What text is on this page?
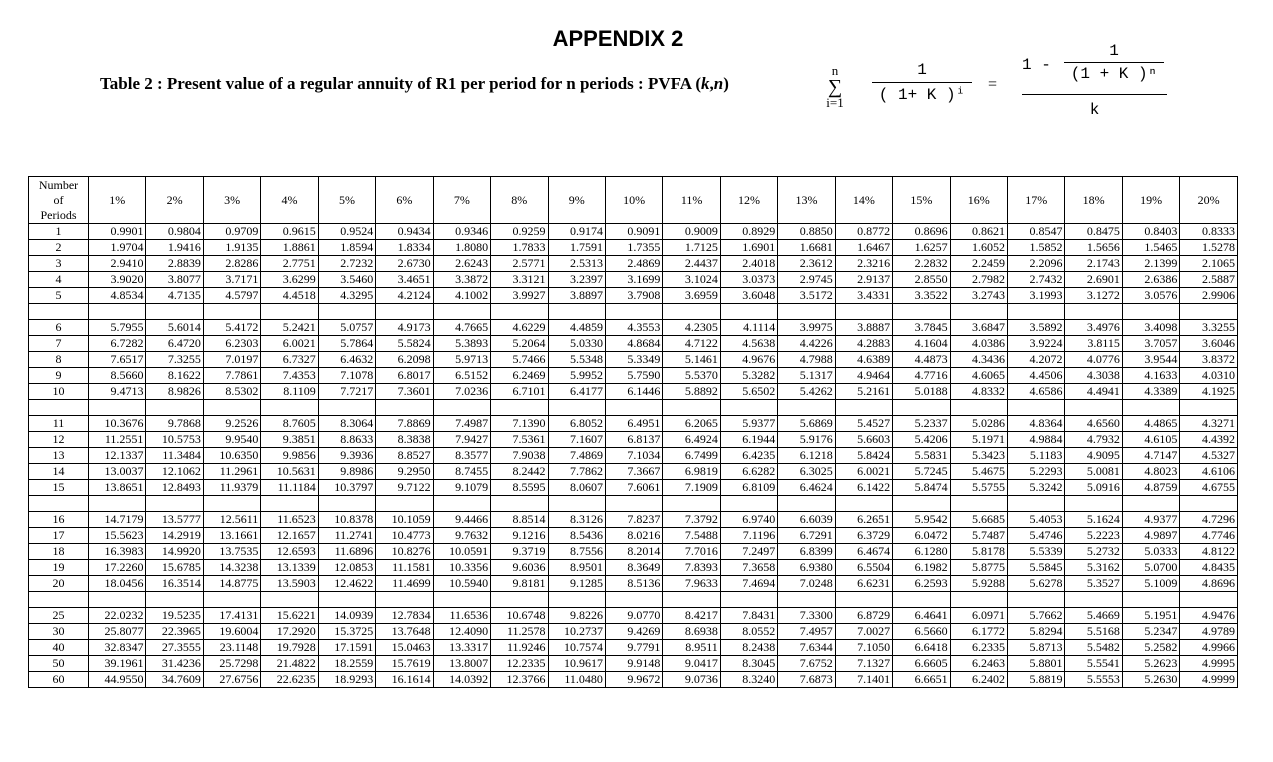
APPENDIX 2
Table 2 : Present value of a regular annuity of R1 per period for n periods : PVFA (k,n)
n
∑
i=1
1
( 1+ K )ⁱ
=
1 -
1
(1 + K )ⁿ
k
Number
of
Periods	1%	2%	3%	4%	5%	6%	7%	8%	9%	10%	11%	12%	13%	14%	15%	16%	17%	18%	19%	20%
1	0.9901	0.9804	0.9709	0.9615	0.9524	0.9434	0.9346	0.9259	0.9174	0.9091	0.9009	0.8929	0.8850	0.8772	0.8696	0.8621	0.8547	0.8475	0.8403	0.8333
2	1.9704	1.9416	1.9135	1.8861	1.8594	1.8334	1.8080	1.7833	1.7591	1.7355	1.7125	1.6901	1.6681	1.6467	1.6257	1.6052	1.5852	1.5656	1.5465	1.5278
3	2.9410	2.8839	2.8286	2.7751	2.7232	2.6730	2.6243	2.5771	2.5313	2.4869	2.4437	2.4018	2.3612	2.3216	2.2832	2.2459	2.2096	2.1743	2.1399	2.1065
4	3.9020	3.8077	3.7171	3.6299	3.5460	3.4651	3.3872	3.3121	3.2397	3.1699	3.1024	3.0373	2.9745	2.9137	2.8550	2.7982	2.7432	2.6901	2.6386	2.5887
5	4.8534	4.7135	4.5797	4.4518	4.3295	4.2124	4.1002	3.9927	3.8897	3.7908	3.6959	3.6048	3.5172	3.4331	3.3522	3.2743	3.1993	3.1272	3.0576	2.9906

6	5.7955	5.6014	5.4172	5.2421	5.0757	4.9173	4.7665	4.6229	4.4859	4.3553	4.2305	4.1114	3.9975	3.8887	3.7845	3.6847	3.5892	3.4976	3.4098	3.3255
7	6.7282	6.4720	6.2303	6.0021	5.7864	5.5824	5.3893	5.2064	5.0330	4.8684	4.7122	4.5638	4.4226	4.2883	4.1604	4.0386	3.9224	3.8115	3.7057	3.6046
8	7.6517	7.3255	7.0197	6.7327	6.4632	6.2098	5.9713	5.7466	5.5348	5.3349	5.1461	4.9676	4.7988	4.6389	4.4873	4.3436	4.2072	4.0776	3.9544	3.8372
9	8.5660	8.1622	7.7861	7.4353	7.1078	6.8017	6.5152	6.2469	5.9952	5.7590	5.5370	5.3282	5.1317	4.9464	4.7716	4.6065	4.4506	4.3038	4.1633	4.0310
10	9.4713	8.9826	8.5302	8.1109	7.7217	7.3601	7.0236	6.7101	6.4177	6.1446	5.8892	5.6502	5.4262	5.2161	5.0188	4.8332	4.6586	4.4941	4.3389	4.1925

11	10.3676	9.7868	9.2526	8.7605	8.3064	7.8869	7.4987	7.1390	6.8052	6.4951	6.2065	5.9377	5.6869	5.4527	5.2337	5.0286	4.8364	4.6560	4.4865	4.3271
12	11.2551	10.5753	9.9540	9.3851	8.8633	8.3838	7.9427	7.5361	7.1607	6.8137	6.4924	6.1944	5.9176	5.6603	5.4206	5.1971	4.9884	4.7932	4.6105	4.4392
13	12.1337	11.3484	10.6350	9.9856	9.3936	8.8527	8.3577	7.9038	7.4869	7.1034	6.7499	6.4235	6.1218	5.8424	5.5831	5.3423	5.1183	4.9095	4.7147	4.5327
14	13.0037	12.1062	11.2961	10.5631	9.8986	9.2950	8.7455	8.2442	7.7862	7.3667	6.9819	6.6282	6.3025	6.0021	5.7245	5.4675	5.2293	5.0081	4.8023	4.6106
15	13.8651	12.8493	11.9379	11.1184	10.3797	9.7122	9.1079	8.5595	8.0607	7.6061	7.1909	6.8109	6.4624	6.1422	5.8474	5.5755	5.3242	5.0916	4.8759	4.6755

16	14.7179	13.5777	12.5611	11.6523	10.8378	10.1059	9.4466	8.8514	8.3126	7.8237	7.3792	6.9740	6.6039	6.2651	5.9542	5.6685	5.4053	5.1624	4.9377	4.7296
17	15.5623	14.2919	13.1661	12.1657	11.2741	10.4773	9.7632	9.1216	8.5436	8.0216	7.5488	7.1196	6.7291	6.3729	6.0472	5.7487	5.4746	5.2223	4.9897	4.7746
18	16.3983	14.9920	13.7535	12.6593	11.6896	10.8276	10.0591	9.3719	8.7556	8.2014	7.7016	7.2497	6.8399	6.4674	6.1280	5.8178	5.5339	5.2732	5.0333	4.8122
19	17.2260	15.6785	14.3238	13.1339	12.0853	11.1581	10.3356	9.6036	8.9501	8.3649	7.8393	7.3658	6.9380	6.5504	6.1982	5.8775	5.5845	5.3162	5.0700	4.8435
20	18.0456	16.3514	14.8775	13.5903	12.4622	11.4699	10.5940	9.8181	9.1285	8.5136	7.9633	7.4694	7.0248	6.6231	6.2593	5.9288	5.6278	5.3527	5.1009	4.8696

25	22.0232	19.5235	17.4131	15.6221	14.0939	12.7834	11.6536	10.6748	9.8226	9.0770	8.4217	7.8431	7.3300	6.8729	6.4641	6.0971	5.7662	5.4669	5.1951	4.9476
30	25.8077	22.3965	19.6004	17.2920	15.3725	13.7648	12.4090	11.2578	10.2737	9.4269	8.6938	8.0552	7.4957	7.0027	6.5660	6.1772	5.8294	5.5168	5.2347	4.9789
40	32.8347	27.3555	23.1148	19.7928	17.1591	15.0463	13.3317	11.9246	10.7574	9.7791	8.9511	8.2438	7.6344	7.1050	6.6418	6.2335	5.8713	5.5482	5.2582	4.9966
50	39.1961	31.4236	25.7298	21.4822	18.2559	15.7619	13.8007	12.2335	10.9617	9.9148	9.0417	8.3045	7.6752	7.1327	6.6605	6.2463	5.8801	5.5541	5.2623	4.9995
60	44.9550	34.7609	27.6756	22.6235	18.9293	16.1614	14.0392	12.3766	11.0480	9.9672	9.0736	8.3240	7.6873	7.1401	6.6651	6.2402	5.8819	5.5553	5.2630	4.9999
